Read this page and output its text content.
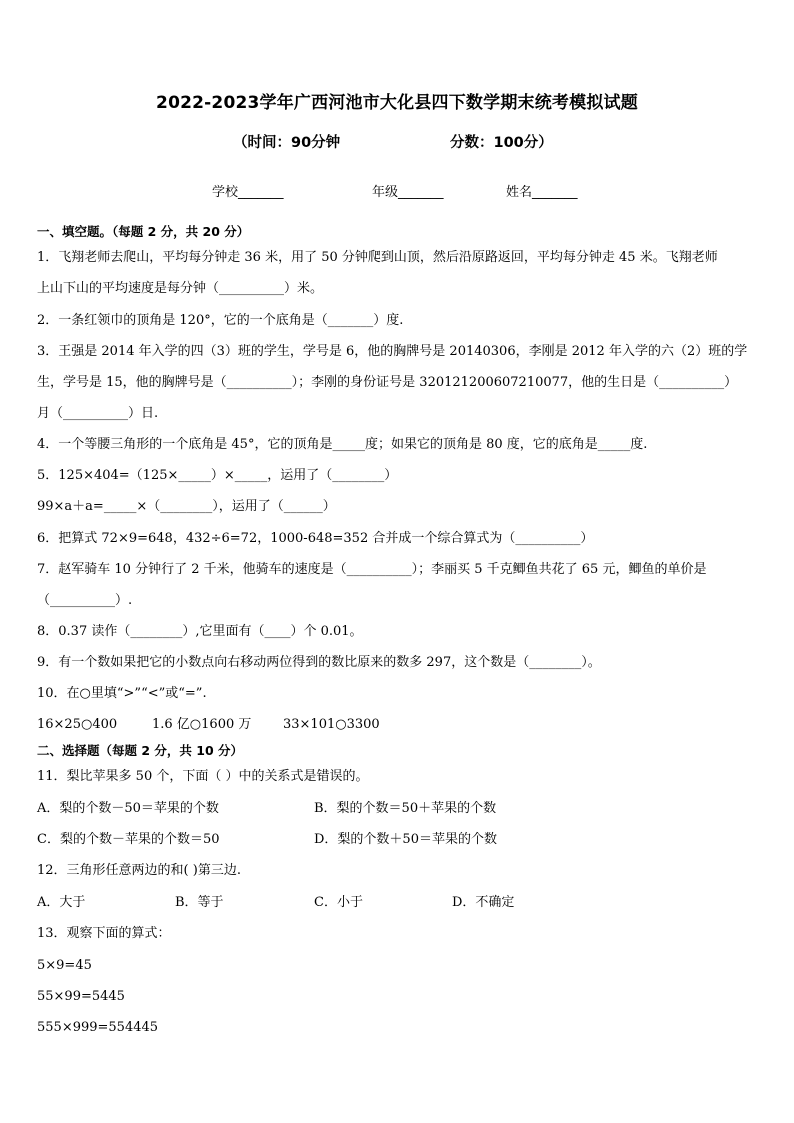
2022-2023学年广西河池市大化县四下数学期末统考模拟试题
（时间：90分钟	分数：100分）
学校_______	年级_______	姓名_______
一、填空题。（每题 2 分，共 20 分）
1．飞翔老师去爬山，平均每分钟走 36 米，用了 50 分钟爬到山顶，然后沿原路返回，平均每分钟走 45 米。飞翔老师
上山下山的平均速度是每分钟（__________）米。
2．一条红领巾的顶角是 120°，它的一个底角是（_______）度.
3．王强是 2014 年入学的四（3）班的学生，学号是 6，他的胸牌号是 20140306，李刚是 2012 年入学的六（2）班的学
生，学号是 15，他的胸牌号是（__________）；李刚的身份证号是 320121200607210077，他的生日是（__________）
月（__________）日.
4．一个等腰三角形的一个底角是 45°，它的顶角是_____度；如果它的顶角是 80 度，它的底角是_____度.
5．125×404=（125×_____）×_____，运用了（________）
99×a＋a=_____×（________），运用了（______）
6．把算式 72×9=648，432÷6=72，1000-648=352 合并成一个综合算式为（__________）
7．赵军骑车 10 分钟行了 2 千米，他骑车的速度是（__________）；李丽买 5 千克鲫鱼共花了 65 元，鲫鱼的单价是
（__________）.
8．0.37 读作（________）,它里面有（____）个 0.01。
9．有一个数如果把它的小数点向右移动两位得到的数比原来的数多 297，这个数是（________）。
10．在○里填“>”“<”或“=”.
16×25○400	1.6 亿○1600 万 33×101○3300
二、选择题（每题 2 分，共 10 分）
11．梨比苹果多 50 个，下面（ ）中的关系式是错误的。
A．梨的个数－50＝苹果的个数	B．梨的个数＝50＋苹果的个数
C．梨的个数－苹果的个数＝50	D．梨的个数＋50＝苹果的个数
12．三角形任意两边的和( )第三边.
A．大于	B．等于	C．小于	D．不确定
13．观察下面的算式：
5×9=45
55×99=5445
555×999=554445
